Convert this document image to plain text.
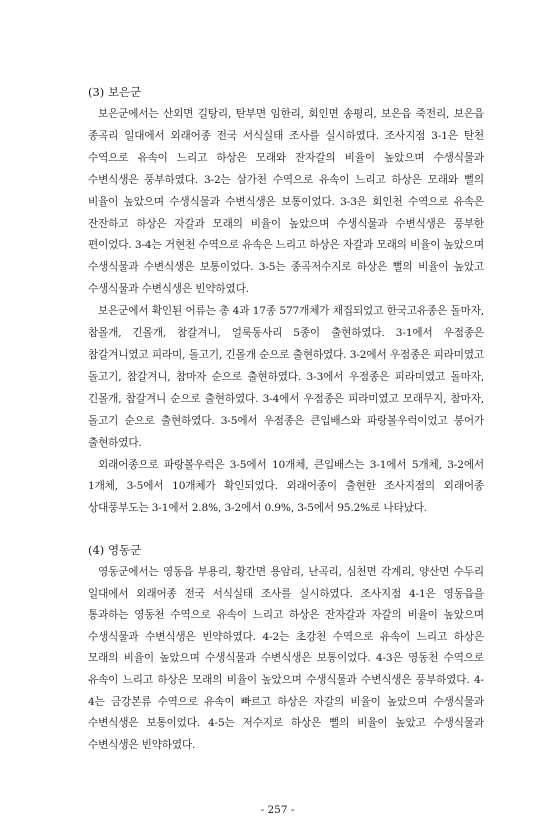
(3) 보은군

보은군에서는 산외면 길탕리, 탄부면 임한리, 회인면 송평리, 보은읍 죽전리, 보은읍 종곡리 일대에서 외래어종 전국 서식실태 조사를 실시하였다. 조사지점 3-1은 탄천 수역으로 유속이 느리고 하상은 모래와 잔자갈의 비율이 높았으며 수생식물과 수변식생은 풍부하였다. 3-2는 삼가천 수역으로 유속이 느리고 하상은 모래와 뻘의 비율이 높았으며 수생식물과 수변식생은 보통이었다. 3-3은 회인천 수역으로 유속은 잔잔하고 하상은 자갈과 모래의 비율이 높았으며 수생식물과 수변식생은 풍부한 편이었다. 3-4는 거현천 수역으로 유속은 느리고 하상은 자갈과 모래의 비율이 높았으며 수생식물과 수변식생은 보통이었다. 3-5는 종곡저수지로 하상은 뻘의 비율이 높았고 수생식물과 수변식생은 빈약하였다.

보은군에서 확인된 어류는 총 4과 17종 577개체가 채집되었고 한국고유종은 돌마자, 참몰개, 긴몰개, 참갈겨니, 얼룩동사리 5종이 출현하였다. 3-1에서 우점종은 참갈겨니였고 피라미, 돌고기, 긴몰개 순으로 출현하였다. 3-2에서 우점종은 피라미였고 돌고기, 참갈겨니, 참마자 순으로 출현하였다. 3-3에서 우점종은 피라미였고 돌마자, 긴몰개, 참갈겨니 순으로 출현하였다. 3-4에서 우점종은 피라미였고 모래무지, 참마자, 돌고기 순으로 출현하였다. 3-5에서 우점종은 큰입배스와 파랑볼우럭이었고 붕어가 출현하였다.

외래어종으로 파랑볼우럭은 3-5에서 10개체, 큰입배스는 3-1에서 5개체, 3-2에서 1개체, 3-5에서 10개체가 확인되었다. 외래어종이 출현한 조사지점의 외래어종 상대풍부도는 3-1에서 2.8%, 3-2에서 0.9%, 3-5에서 95.2%로 나타났다.

(4) 영동군

영동군에서는 영동읍 부용리, 황간면 용암리, 난곡리, 심천면 각계리, 양산면 수두리 일대에서 외래어종 전국 서식실태 조사를 실시하였다. 조사지점 4-1은 영동읍을 통과하는 영동천 수역으로 유속이 느리고 하상은 잔자갈과 자갈의 비율이 높았으며 수생식물과 수변식생은 빈약하였다. 4-2는 초강천 수역으로 유속이 느리고 하상은 모래의 비율이 높았으며 수생식물과 수변식생은 보통이었다. 4-3은 영동천 수역으로 유속이 느리고 하상은 모래의 비율이 높았으며 수생식물과 수변식생은 풍부하였다. 4-4는 금강본류 수역으로 유속이 빠르고 하상은 자갈의 비율이 높았으며 수생식물과 수변식생은 보통이었다. 4-5는 저수지로 하상은 뻘의 비율이 높았고 수생식물과 수변식생은 빈약하였다.

- 257 -
